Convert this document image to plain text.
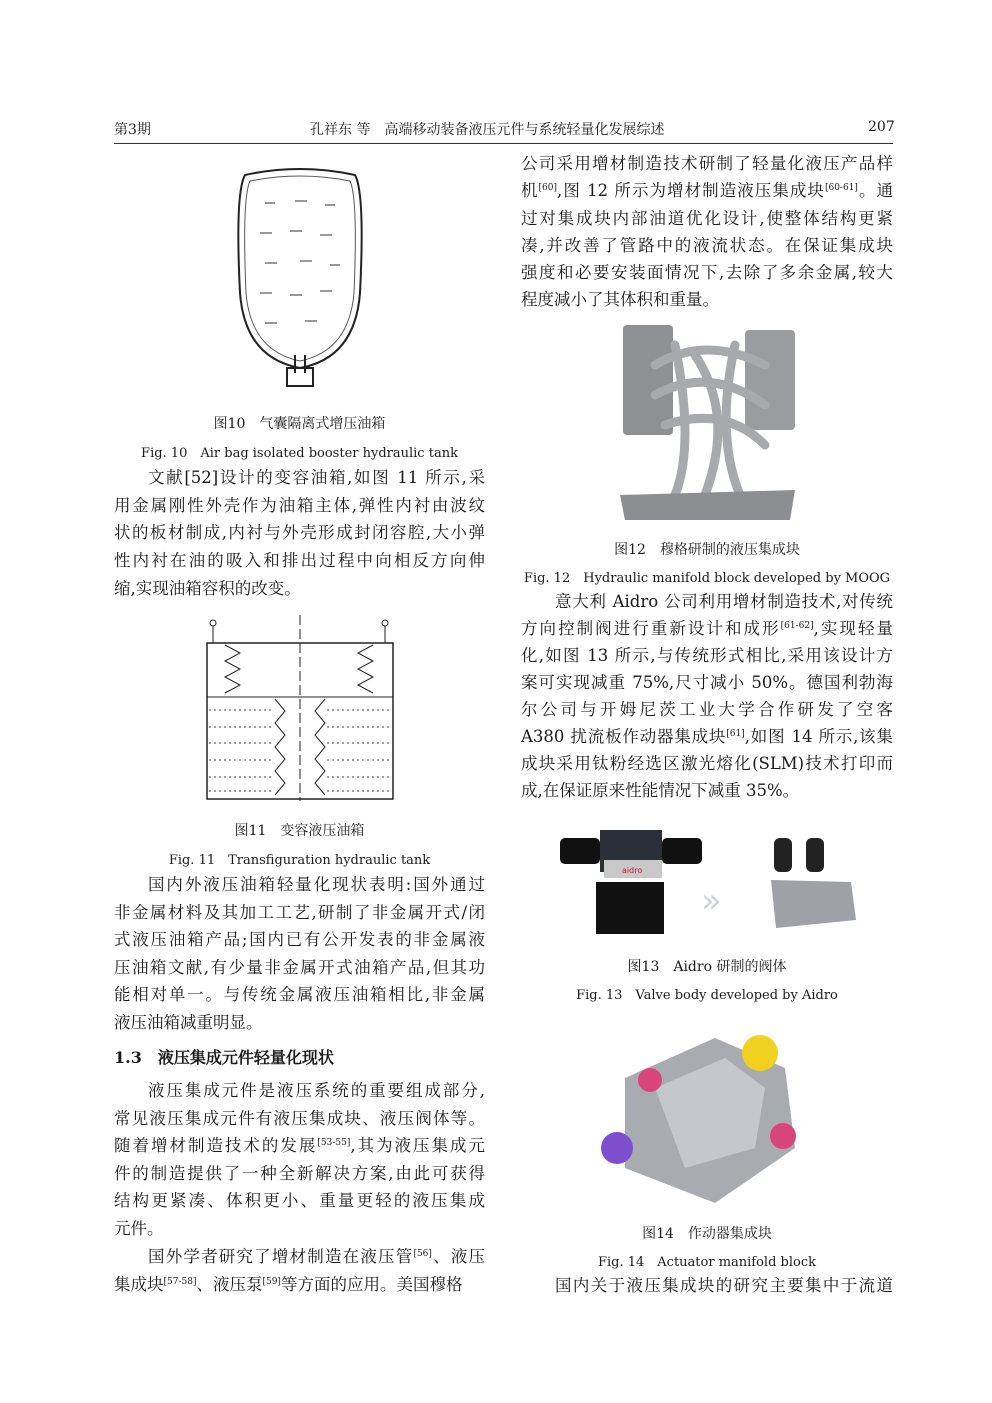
第3期	孔祥东 等　高端移动装备液压元件与系统轻量化发展综述	207
图10　气囊隔离式增压油箱
Fig. 10　Air bag isolated booster hydraulic tank
图11　变容液压油箱
Fig. 11　Transfiguration hydraulic tank
图12　穆格研制的液压集成块
Fig. 12　Hydraulic manifold block developed by MOOG
aidro
»
图13　Aidro 研制的阀体
Fig. 13　Valve body developed by Aidro
图14　作动器集成块
Fig. 14　Actuator manifold block
1.3　液压集成元件轻量化现状
文献[52]设计的变容油箱,如图 11 所示,采
用金属刚性外壳作为油箱主体,弹性内衬由波纹
状的板材制成,内衬与外壳形成封闭容腔,大小弹
性内衬在油的吸入和排出过程中向相反方向伸
缩,实现油箱容积的改变。
国内外液压油箱轻量化现状表明:国外通过
非金属材料及其加工工艺,研制了非金属开式/闭
式液压油箱产品;国内已有公开发表的非金属液
压油箱文献,有少量非金属开式油箱产品,但其功
能相对单一。与传统金属液压油箱相比,非金属
液压油箱减重明显。
液压集成元件是液压系统的重要组成部分,
常见液压集成元件有液压集成块、液压阀体等。
随着增材制造技术的发展[53-55],其为液压集成元
件的制造提供了一种全新解决方案,由此可获得
结构更紧凑、体积更小、重量更轻的液压集成
元件。
国外学者研究了增材制造在液压管[56]、液压
集成块[57-58]、液压泵[59]等方面的应用。美国穆格
公司采用增材制造技术研制了轻量化液压产品样
机[60],图 12 所示为增材制造液压集成块[60-61]。通
过对集成块内部油道优化设计,使整体结构更紧
凑,并改善了管路中的液流状态。在保证集成块
强度和必要安装面情况下,去除了多余金属,较大
程度减小了其体积和重量。
意大利 Aidro 公司利用增材制造技术,对传统
方向控制阀进行重新设计和成形[61-62],实现轻量
化,如图 13 所示,与传统形式相比,采用该设计方
案可实现减重 75%,尺寸减小 50%。德国利勃海
尔公司与开姆尼茨工业大学合作研发了空客
A380 扰流板作动器集成块[61],如图 14 所示,该集
成块采用钛粉经选区激光熔化(SLM)技术打印而
成,在保证原来性能情况下减重 35%。
国内关于液压集成块的研究主要集中于流道
